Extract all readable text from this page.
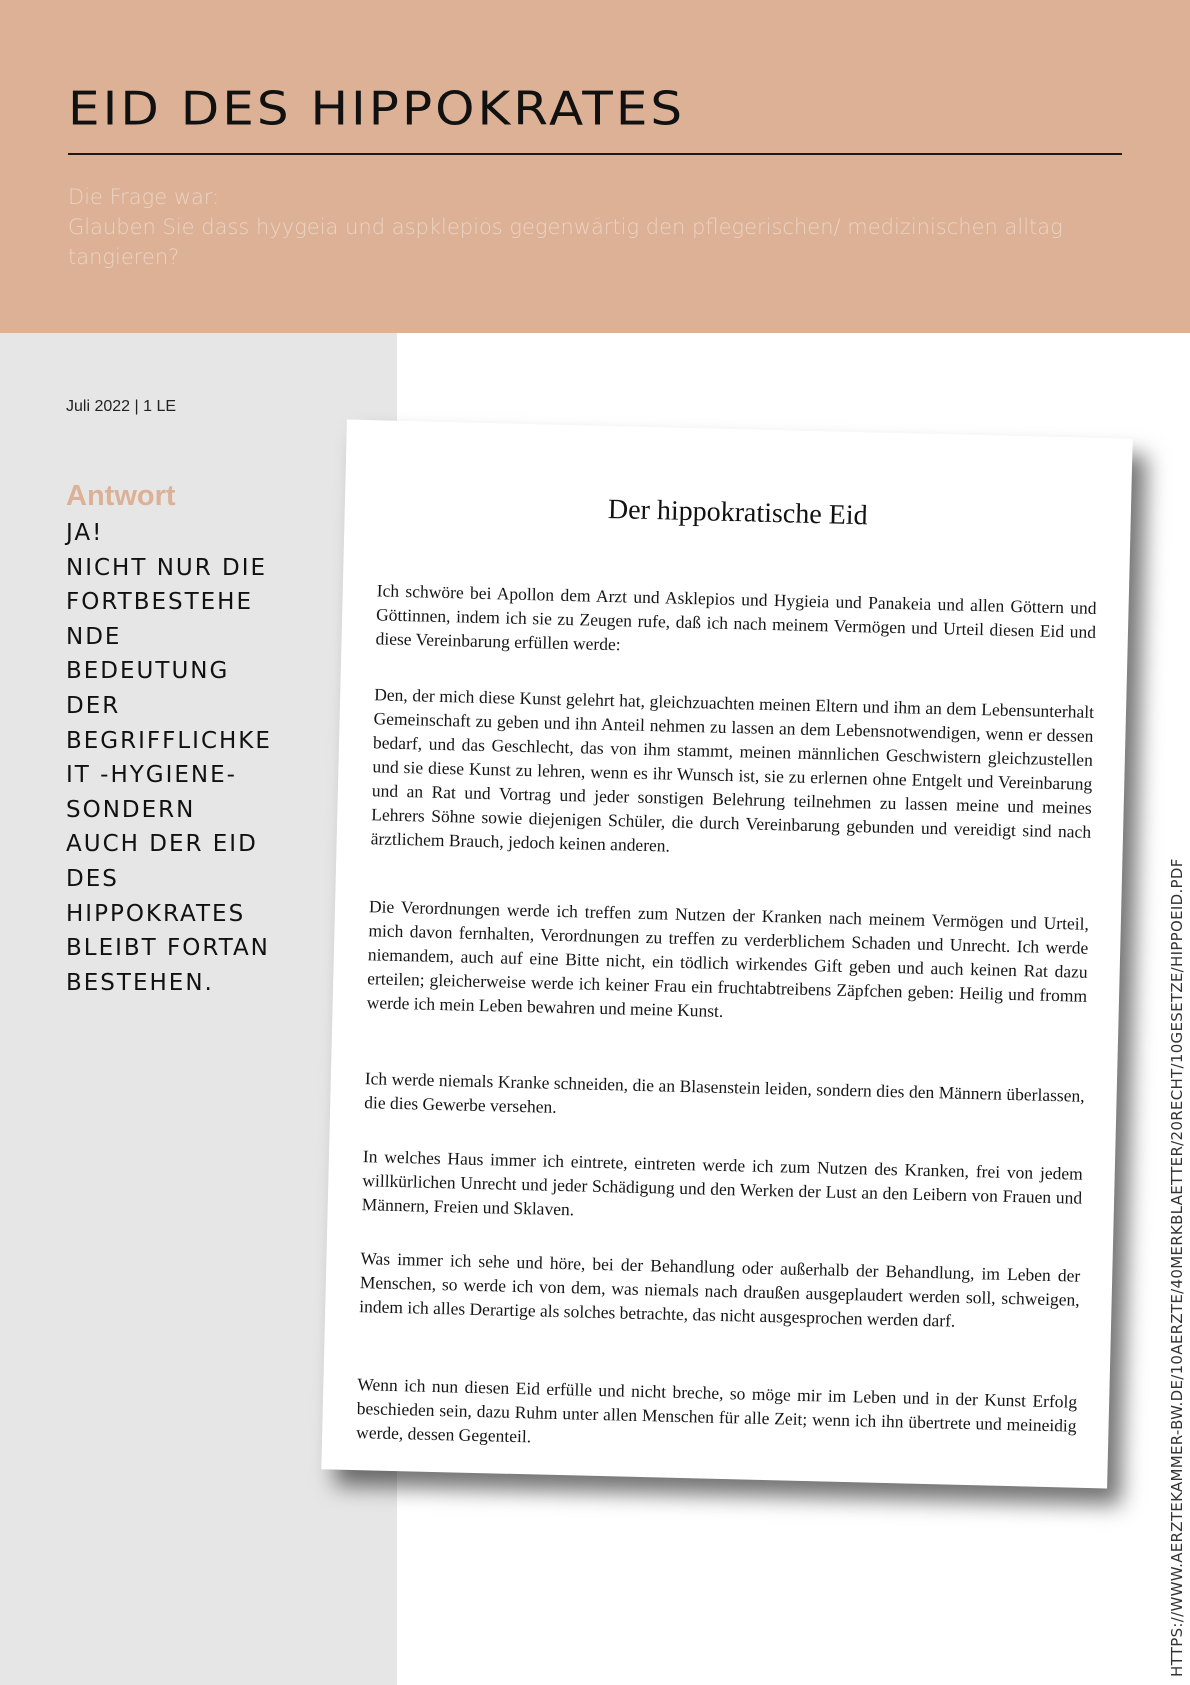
EID DES HIPPOKRATES
Die Frage war:
Glauben Sie dass hyygeia und aspklepios gegenwärtig den pflegerischen/ medizinischen alltag
tangieren?
Juli 2022 | 1 LE
Antwort
JA!
NICHT NUR DIE
FORTBESTEHE
NDE
BEDEUTUNG
DER
BEGRIFFLICHKE
IT -HYGIENE-
SONDERN
AUCH DER EID
DES
HIPPOKRATES
BLEIBT FORTAN
BESTEHEN.
Der hippokratische Eid
Ich schwöre bei Apollon dem Arzt und Asklepios und Hygieia und Panakeia und allen Göttern und Göttinnen, indem ich sie zu Zeugen rufe, daß ich nach meinem Vermögen und Urteil diesen Eid und diese Vereinbarung erfüllen werde:
Den, der mich diese Kunst gelehrt hat, gleichzuachten meinen Eltern und ihm an dem Lebensunterhalt Gemeinschaft zu geben und ihn Anteil nehmen zu lassen an dem Lebensnotwendigen, wenn er dessen bedarf, und das Geschlecht, das von ihm stammt, meinen männlichen Geschwistern gleichzustellen und sie diese Kunst zu lehren, wenn es ihr Wunsch ist, sie zu erlernen ohne Entgelt und Vereinbarung und an Rat und Vortrag und jeder sonstigen Belehrung teilnehmen zu lassen meine und meines Lehrers Söhne sowie diejenigen Schüler, die durch Vereinbarung gebunden und vereidigt sind nach ärztlichem Brauch, jedoch keinen anderen.
Die Verordnungen werde ich treffen zum Nutzen der Kranken nach meinem Vermögen und Urteil, mich davon fernhalten, Verordnungen zu treffen zu verderblichem Schaden und Unrecht. Ich werde niemandem, auch auf eine Bitte nicht, ein tödlich wirkendes Gift geben und auch keinen Rat dazu erteilen; gleicherweise werde ich keiner Frau ein fruchtabtreibens Zäpfchen geben: Heilig und fromm werde ich mein Leben bewahren und meine Kunst.
Ich werde niemals Kranke schneiden, die an Blasenstein leiden, sondern dies den Männern überlassen, die dies Gewerbe versehen.
In welches Haus immer ich eintrete, eintreten werde ich zum Nutzen des Kranken, frei von jedem willkürlichen Unrecht und jeder Schädigung und den Werken der Lust an den Leibern von Frauen und Männern, Freien und Sklaven.
Was immer ich sehe und höre, bei der Behandlung oder außerhalb der Behandlung, im Leben der Menschen, so werde ich von dem, was niemals nach draußen ausgeplaudert werden soll, schweigen, indem ich alles Derartige als solches betrachte, das nicht ausgesprochen werden darf.
Wenn ich nun diesen Eid erfülle und nicht breche, so möge mir im Leben und in der Kunst Erfolg beschieden sein, dazu Ruhm unter allen Menschen für alle Zeit; wenn ich ihn übertrete und meineidig werde, dessen Gegenteil.	HTTPS://WWW.AERZTEKAMMER-BW.DE/10AERZTE/40MERKBLAETTER/20RECHT/10GESETZE/HIPPOEID.PDF
